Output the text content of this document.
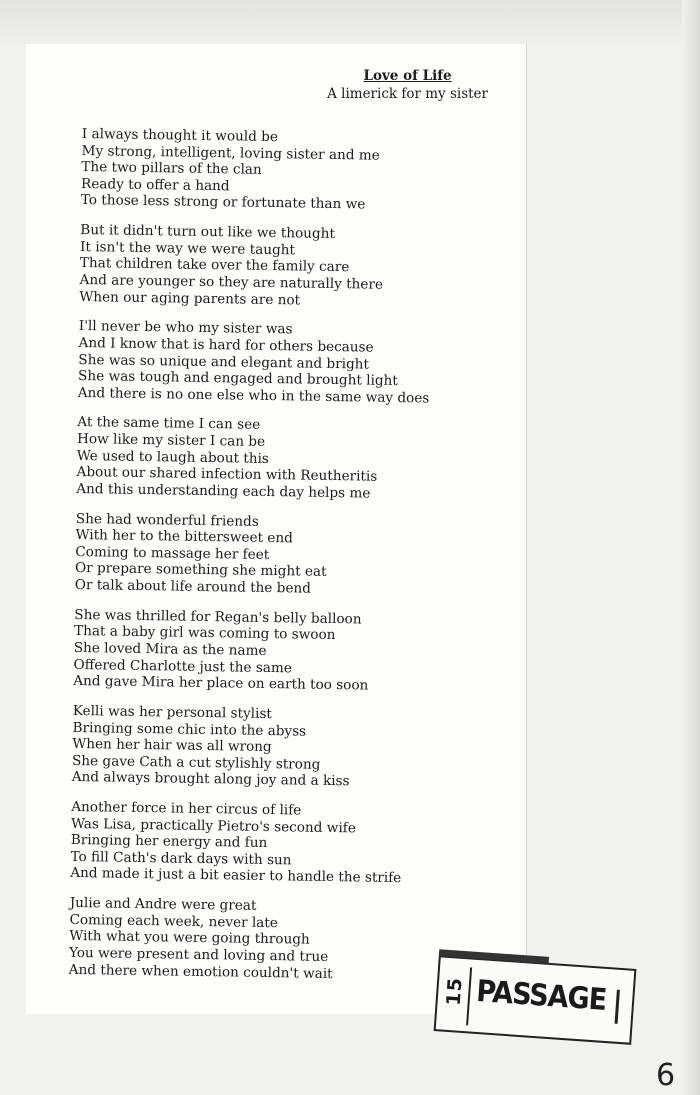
Love of Life
A limerick for my sister
I always thought it would be
My strong, intelligent, loving sister and me
The two pillars of the clan
Ready to offer a hand
To those less strong or fortunate than we
But it didn't turn out like we thought
It isn't the way we were taught
That children take over the family care
And are younger so they are naturally there
When our aging parents are not
I'll never be who my sister was
And I know that is hard for others because
She was so unique and elegant and bright
She was tough and engaged and brought light
And there is no one else who in the same way does
At the same time I can see
How like my sister I can be
We used to laugh about this
About our shared infection with Reutheritis
And this understanding each day helps me
She had wonderful friends
With her to the bittersweet end
Coming to massage her feet
Or prepare something she might eat
Or talk about life around the bend
She was thrilled for Regan's belly balloon
That a baby girl was coming to swoon
She loved Mira as the name
Offered Charlotte just the same
And gave Mira her place on earth too soon
Kelli was her personal stylist
Bringing some chic into the abyss
When her hair was all wrong
She gave Cath a cut stylishly strong
And always brought along joy and a kiss
Another force in her circus of life
Was Lisa, practically Pietro's second wife
Bringing her energy and fun
To fill Cath's dark days with sun
And made it just a bit easier to handle the strife
Julie and Andre were great
Coming each week, never late
With what you were going through
You were present and loving and true
And there when emotion couldn't wait
15 PASSAGE
6
